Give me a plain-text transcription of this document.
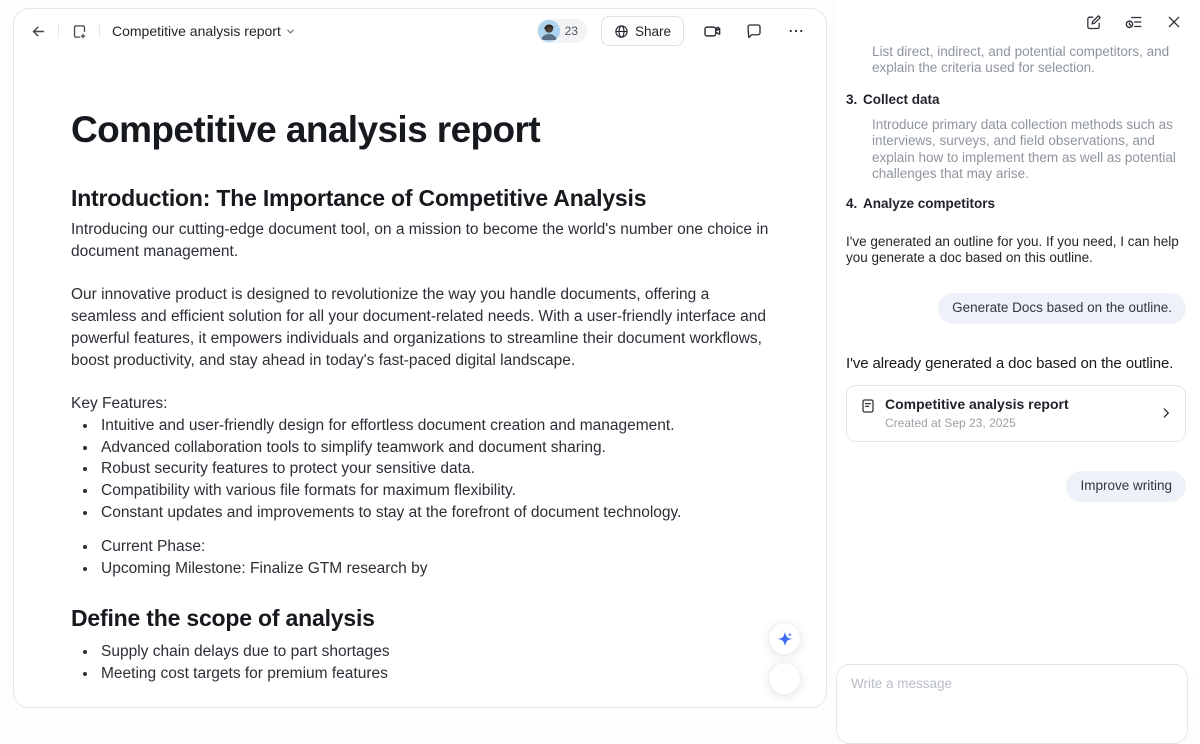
Competitive analysis report	23	Share
Competitive analysis report
Introduction: The Importance of Competitive Analysis

Introducing our cutting-edge document tool, on a mission to become the world's number one choice in document management.

Our innovative product is designed to revolutionize the way you handle documents, offering a seamless and efficient solution for all your document-related needs. With a user-friendly interface and powerful features, it empowers individuals and organizations to streamline their document workflows, boost productivity, and stay ahead in today's fast-paced digital landscape.

Key Features:

• Intuitive and user-friendly design for effortless document creation and management.
• Advanced collaboration tools to simplify teamwork and document sharing.
• Robust security features to protect your sensitive data.
• Compatibility with various file formats for maximum flexibility.
• Constant updates and improvements to stay at the forefront of document technology.
• Current Phase:
• Upcoming Milestone: Finalize GTM research by
Define the scope of analysis
• Supply chain delays due to part shortages
• Meeting cost targets for premium features
List direct, indirect, and potential competitors, and explain the criteria used for selection.
3. Collect data
Introduce primary data collection methods such as interviews, surveys, and field observations, and explain how to implement them as well as potential challenges that may arise.
4. Analyze competitors
I've generated an outline for you. If you need, I can help you generate a doc based on this outline.
Generate Docs based on the outline.
I've already generated a doc based on the outline.
Competitive analysis report
Created at Sep 23, 2025
Improve writing
Write a message
